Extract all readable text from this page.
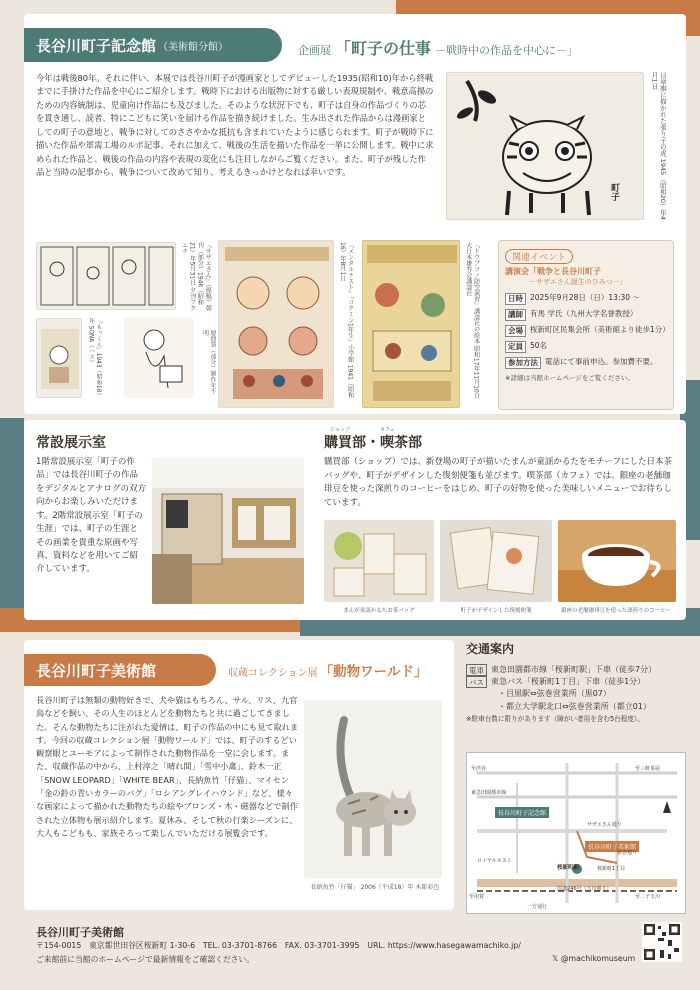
長谷川町子記念館 （美術館分館）	企画展 「町子の仕事 －戦時中の作品を中心に－」
今年は戦後80年。それに伴い、本展では長谷川町子が漫画家としてデビューした1935(昭和10)年から終戦までに手掛けた作品を中心にご紹介します。戦時下における出版物に対する厳しい表現規制や、戦意高揚のための内容統制は、児童向け作品にも及びました。そのような状況下でも、町子は自身の作品づくりの芯を貫き通し、読者、特にこどもに笑いを届ける作品を描き続けました。生み出された作品からは漫画家としての町子の意地と、戦争に対してのささやかな抵抗も含まれていたように感じられます。町子が戦時下に描いた作品や軍需工場のルポ記事、それに加えて、戦後の生活を描いた作品を一挙に公開します。戦中に求められた作品と、戦後の作品の内容や表現の変化にも注目しながらご覧ください。また、町子が残した作品と当時の記事から、戦争について改めて知り、考えるきっかけとなれば幸いです。
町子	日章旗に描かれた張り子の虎 1945（昭和20）年4月1日
『サザエさん』（原稿）朝刊（部分）1946（昭和21）年5月31日 夕刊フクニチ
『もっくん』1943（昭和18）年 SONA（ハス）	慰問袋（部分）制作年不明	『メンタルテスト』「コクミン1年生」小学館 1941（昭和16）年8月1日	『ドウブツノ防空演習』講談社の絵本 昭和17年11月10日 大日本雄弁会講談社	関連イベント
講演会「戦争と長谷川町子
－サザエさん誕生のひみつ－」
日時 2025年9月28日（日）13:30 ～
講師 有馬 学氏（九州大学名誉教授）
会場 桜新町区民集会所（美術館より徒歩1分）
定員 50名
参加方法 電話にて事前申込。参加費不要。
※詳細は当館ホームページをご覧ください。
常設展示室
1階常設展示室「町子の作品」では長谷川町子の作品をデジタルとアナログの双方向からお楽しみいただけます。2階常設展示室「町子の生涯」では、町子の生涯とその画業を貴重な原画や写真、資料などを用いてご紹介しています。
購買部・喫茶部
ショップ	カフェ
購買部（ショップ）では、新登場の町子が描いたまんが童謡かるたをモチーフにした日本茶バッグや、町子がデザインした復刻便箋も並びます。喫茶部（カフェ）では、銀座の老舗珈琲豆を使った深煎りのコーヒーをはじめ、町子の好物を使った美味しいメニューでお待ちしています。
まんが童謡かるたお茶バッグ	町子がデザインした復刻便箋	銀座の老舗珈琲豆を使った深煎りのコーヒー
長谷川町子美術館	収蔵コレクション展 「動物ワールド」
長谷川町子は無類の動物好きで、犬や猫はもちろん、サル、リス、九官鳥などを飼い、その人生のほとんどを動物たちと共に過ごしてきました。そんな動物たちに注がれた愛情は、町子の作品の中にも見て取れます。今回の収蔵コレクション展「動物ワールド」では、町子のするどい観察眼とユーモアによって制作された動物作品を一堂に会します。また、収蔵作品の中から、上村淳之「晴れ間」「雪中小禽」、鈴木一正「SNOW LEOPARD」「WHITE BEAR」、長納魚竹「仔猫」、マイセン「金の鈴の青いカラーのバグ」「ロシアングレイハウンド」など、様々な画家によって描かれた動物たちの絵やブロンズ・木・磁器などで制作された立体物も展示紹介します。夏休み、そして秋の行楽シーズンに、大人もこどもも、家族そろって楽しんでいただける展覧会です。
長納魚竹「仔猫」 2006（平成18）年 木彫彩色
交通案内
電車 東急田園都市線「桜新町駅」下車（徒歩7分）
バス 東急バス「桜新町1丁目」下車（徒歩1分）
・目黒駅⇔弦巻営業所（黒07）
・都立大学駅北口⇔弦巻営業所（都立01）
※駐車台数に限りがあります（障がい者用を含む5台程度）。
長谷川町子記念館
長谷川町子美術館
桜新町駅
至渋谷	至三軒茶屋
サザエさん通り
国道246号（玉川通り）
至用賀	至二子玉川
東急田園都市線
弦巻通り
ロイヤルホスト
桜新町1丁目
一方通行
長谷川町子美術館
〒154-0015　東京都世田谷区桜新町 1-30-6　TEL. 03-3701-8766　FAX. 03-3701-3995　URL. https://www.hasegawamachiko.jp/
ご来館前に当館のホームページで最新情報をご確認ください。	𝕏 @machikomuseum
